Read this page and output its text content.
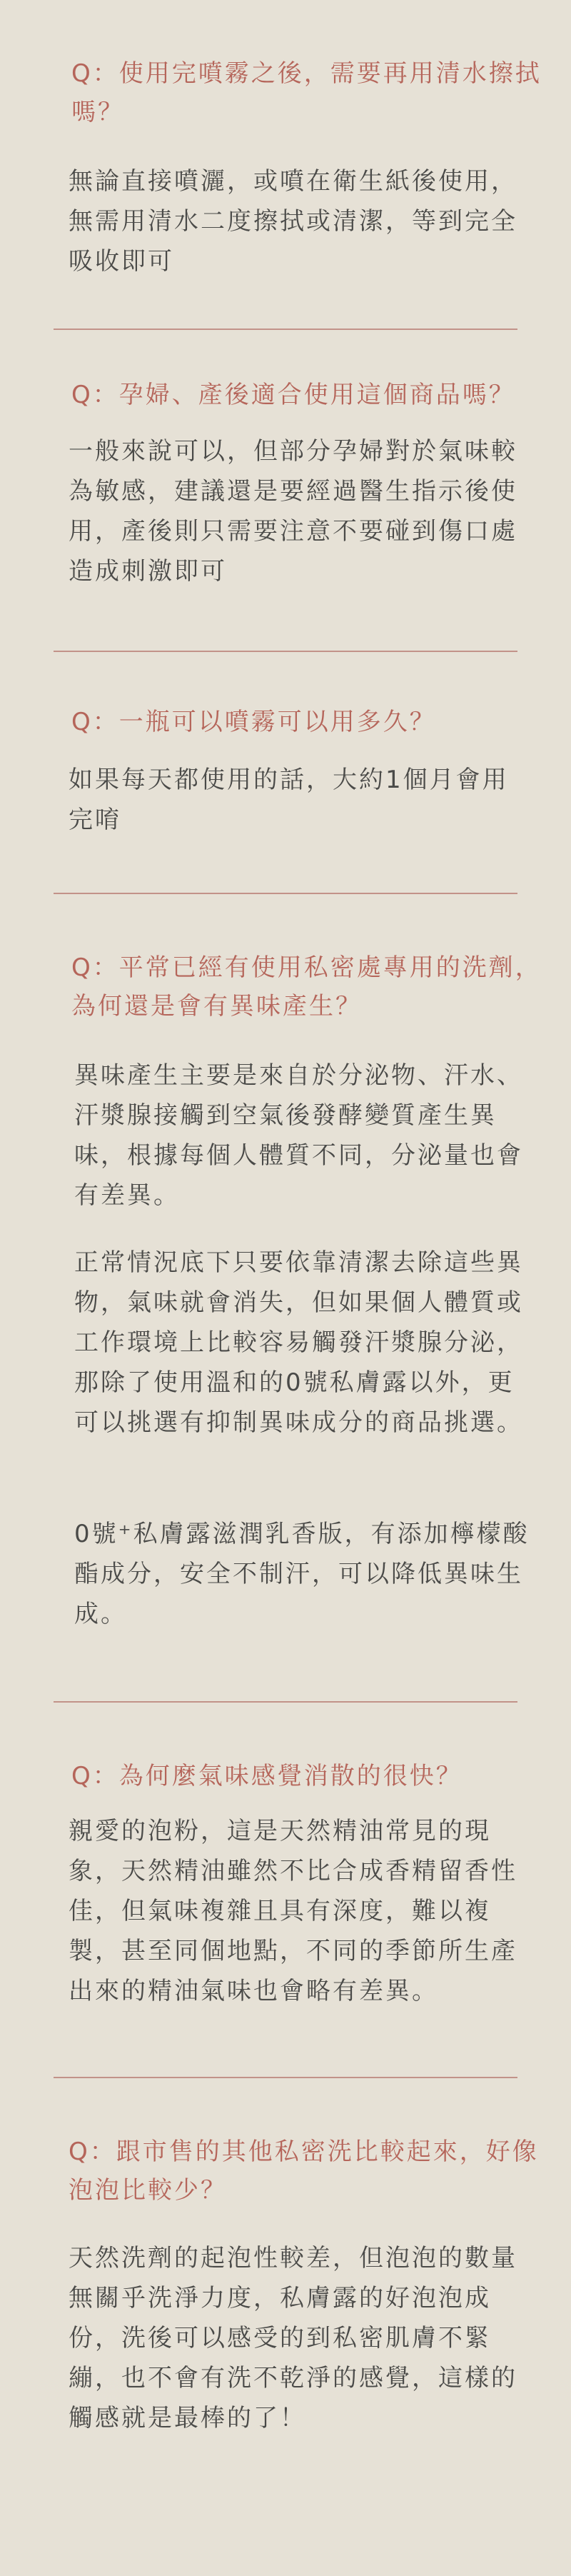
Q：使用完噴霧之後，需要再用清水擦拭嗎？

無論直接噴灑，或噴在衛生紙後使用，無需用清水二度擦拭或清潔，等到完全吸收即可

Q：孕婦、產後適合使用這個商品嗎？

一般來說可以，但部分孕婦對於氣味較為敏感，建議還是要經過醫生指示後使用，產後則只需要注意不要碰到傷口處造成刺激即可

Q：一瓶可以噴霧可以用多久？

如果每天都使用的話，大約1個月會用完唷

Q：平常已經有使用私密處專用的洗劑，為何還是會有異味產生？

異味產生主要是來自於分泌物、汗水、汗漿腺接觸到空氣後發酵變質產生異味，根據每個人體質不同，分泌量也會有差異。

正常情況底下只要依靠清潔去除這些異物，氣味就會消失，但如果個人體質或工作環境上比較容易觸發汗漿腺分泌，那除了使用溫和的0號私膚露以外，更可以挑選有抑制異味成分的商品挑選。

0號⁺私膚露滋潤乳香版，有添加檸檬酸酯成分，安全不制汗，可以降低異味生成。

Q：為何麼氣味感覺消散的很快？

親愛的泡粉，這是天然精油常見的現象，天然精油雖然不比合成香精留香性佳，但氣味複雜且具有深度，難以複製，甚至同個地點，不同的季節所生產出來的精油氣味也會略有差異。

Q：跟市售的其他私密洗比較起來，好像泡泡比較少？

天然洗劑的起泡性較差，但泡泡的數量無關乎洗淨力度，私膚露的好泡泡成份，洗後可以感受的到私密肌膚不緊繃，也不會有洗不乾淨的感覺，這樣的觸感就是最棒的了！
